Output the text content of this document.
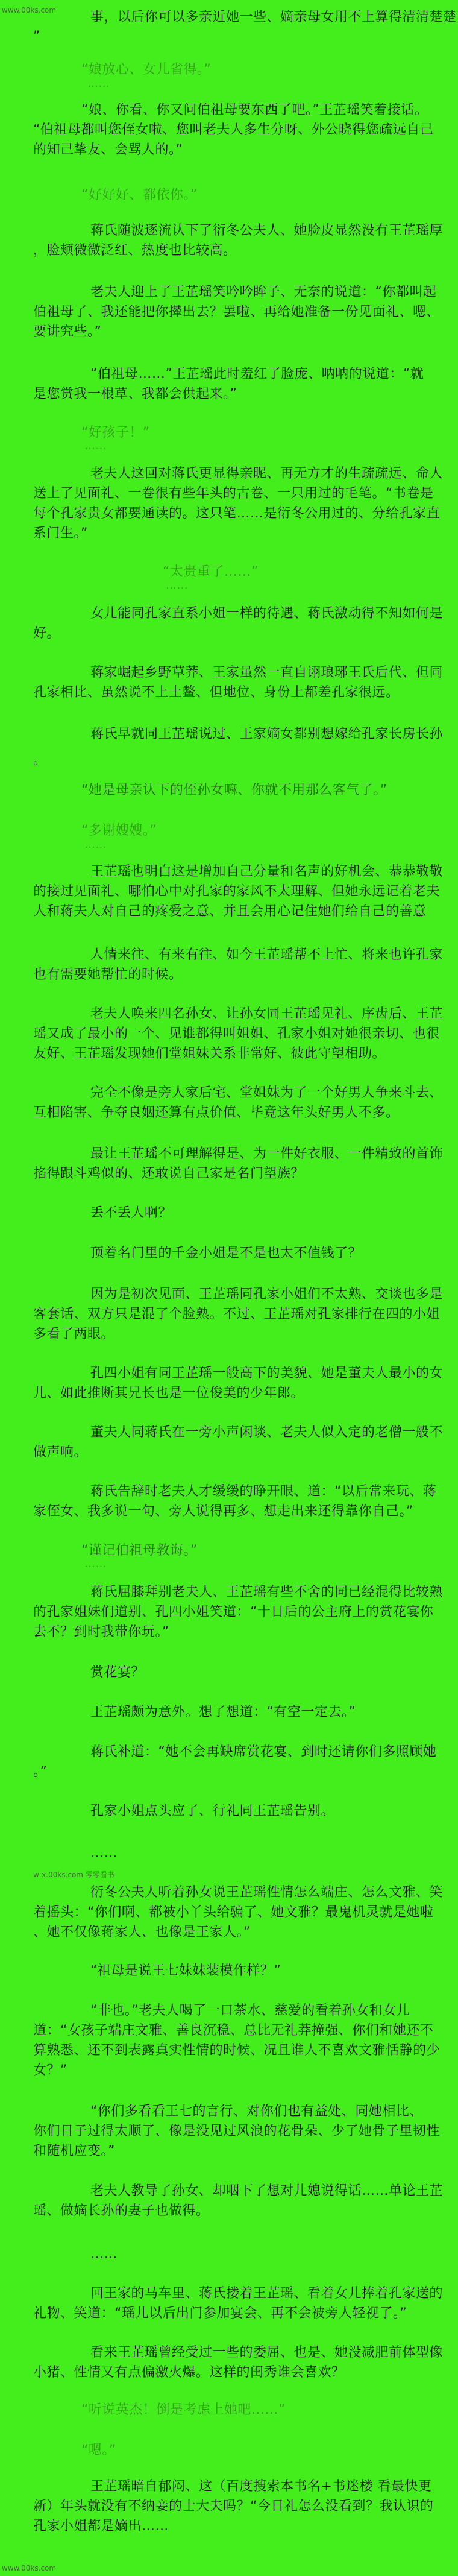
www.00ks.com	事，以后你可以多亲近她一些、嫡亲母女用不上算得清清楚楚
”
“娘放心、女儿省得。”
……
“娘、你看、你又问伯祖母要东西了吧。”王芷瑶笑着接话。
“伯祖母都叫您侄女啦、您叫老夫人多生分呀、外公晓得您疏远自己
的知己挚友、会骂人的。”
“好好好、都依你。”
蒋氏随波逐流认下了衍冬公夫人、她脸皮显然没有王芷瑶厚
，脸颊微微泛红、热度也比较高。
老夫人迎上了王芷瑶笑吟吟眸子、无奈的说道：“你都叫起
伯祖母了、我还能把你撵出去？罢啦、再给她准备一份见面礼、嗯、
要讲究些。”
“伯祖母……”王芷瑶此时羞红了脸庞、呐呐的说道：“就
是您赏我一根草、我都会供起来。”
“好孩子！”
……
老夫人这回对蒋氏更显得亲昵、再无方才的生疏疏远、命人
送上了见面礼、一卷很有些年头的古卷、一只用过的毛笔。“书卷是
每个孔家贵女都要通读的。这只笔……是衍冬公用过的、分给孔家直
系门生。”
“太贵重了……”
……
女儿能同孔家直系小姐一样的待遇、蒋氏激动得不知如何是
好。
蒋家崛起乡野草莽、王家虽然一直自诩琅琊王氏后代、但同
孔家相比、虽然说不上土鳖、但地位、身份上都差孔家很远。
蒋氏早就同王芷瑶说过、王家嫡女都别想嫁给孔家长房长孙
。
“她是母亲认下的侄孙女嘛、你就不用那么客气了。”
“多谢嫂嫂。”
……
王芷瑶也明白这是增加自己分量和名声的好机会、恭恭敬敬
的接过见面礼、哪怕心中对孔家的家风不太理解、但她永远记着老夫
人和蒋夫人对自己的疼爱之意、并且会用心记住她们给自己的善意
人情来往、有来有往、如今王芷瑶帮不上忙、将来也许孔家
也有需要她帮忙的时候。
老夫人唤来四名孙女、让孙女同王芷瑶见礼、序齿后、王芷
瑶又成了最小的一个、见谁都得叫姐姐、孔家小姐对她很亲切、也很
友好、王芷瑶发现她们堂姐妹关系非常好、彼此守望相助。
完全不像是旁人家后宅、堂姐妹为了一个好男人争来斗去、
互相陷害、争夺良姻还算有点价值、毕竟这年头好男人不多。
最让王芷瑶不可理解得是、为一件好衣服、一件精致的首饰
掐得跟斗鸡似的、还敢说自己家是名门望族？
丢不丢人啊？
顶着名门里的千金小姐是不是也太不值钱了？
因为是初次见面、王芷瑶同孔家小姐们不太熟、交谈也多是
客套话、双方只是混了个脸熟。不过、王芷瑶对孔家排行在四的小姐
多看了两眼。
孔四小姐有同王芷瑶一般高下的美貌、她是董夫人最小的女
儿、如此推断其兄长也是一位俊美的少年郎。
董夫人同蒋氏在一旁小声闲谈、老夫人似入定的老僧一般不
做声响。
蒋氏告辞时老夫人才缓缓的睁开眼、道：“以后常来玩、蒋
家侄女、我多说一句、旁人说得再多、想走出来还得靠你自己。”
“谨记伯祖母教诲。”
……
蒋氏屈膝拜别老夫人、王芷瑶有些不舍的同已经混得比较熟
的孔家姐妹们道别、孔四小姐笑道：“十日后的公主府上的赏花宴你
去不？到时我带你玩。”
赏花宴？
王芷瑶颇为意外。想了想道：“有空一定去。”
蒋氏补道：“她不会再缺席赏花宴、到时还请你们多照顾她
。”
孔家小姐点头应了、行礼同王芷瑶告别。
……
w-x.00ks.com 零零看书
衍冬公夫人听着孙女说王芷瑶性情怎么端庄、怎么文雅、笑
着摇头：“你们啊、都被小丫头给骗了、她文雅？最鬼机灵就是她啦
、她不仅像蒋家人、也像是王家人。”
“祖母是说王七妹妹装模作样？”
“非也。”老夫人喝了一口茶水、慈爱的看着孙女和女儿
道：“女孩子端庄文雅、善良沉稳、总比无礼莽撞强、你们和她还不
算熟悉、还不到表露真实性情的时候、况且谁人不喜欢文雅恬静的少
女？”
“你们多看看王七的言行、对你们也有益处、同她相比、
你们日子过得太顺了、像是没见过风浪的花骨朵、少了她骨子里韧性
和随机应变。”
老夫人教导了孙女、却咽下了想对儿媳说得话……单论王芷
瑶、做嫡长孙的妻子也做得。
……
回王家的马车里、蒋氏搂着王芷瑶、看着女儿捧着孔家送的
礼物、笑道：“瑶儿以后出门参加宴会、再不会被旁人轻视了。”
看来王芷瑶曾经受过一些的委屈、也是、她没减肥前体型像
小猪、性情又有点偏激火爆。这样的闺秀谁会喜欢？
“听说英杰！倒是考虑上她吧……”
“嗯。”
王芷瑶暗自郁闷、这（百度搜索本书名+书迷楼 看最快更
新）年头就没有不纳妾的士大夫吗？“今日礼怎么没看到？我认识的
孔家小姐都是嫡出……
www.00ks.com
